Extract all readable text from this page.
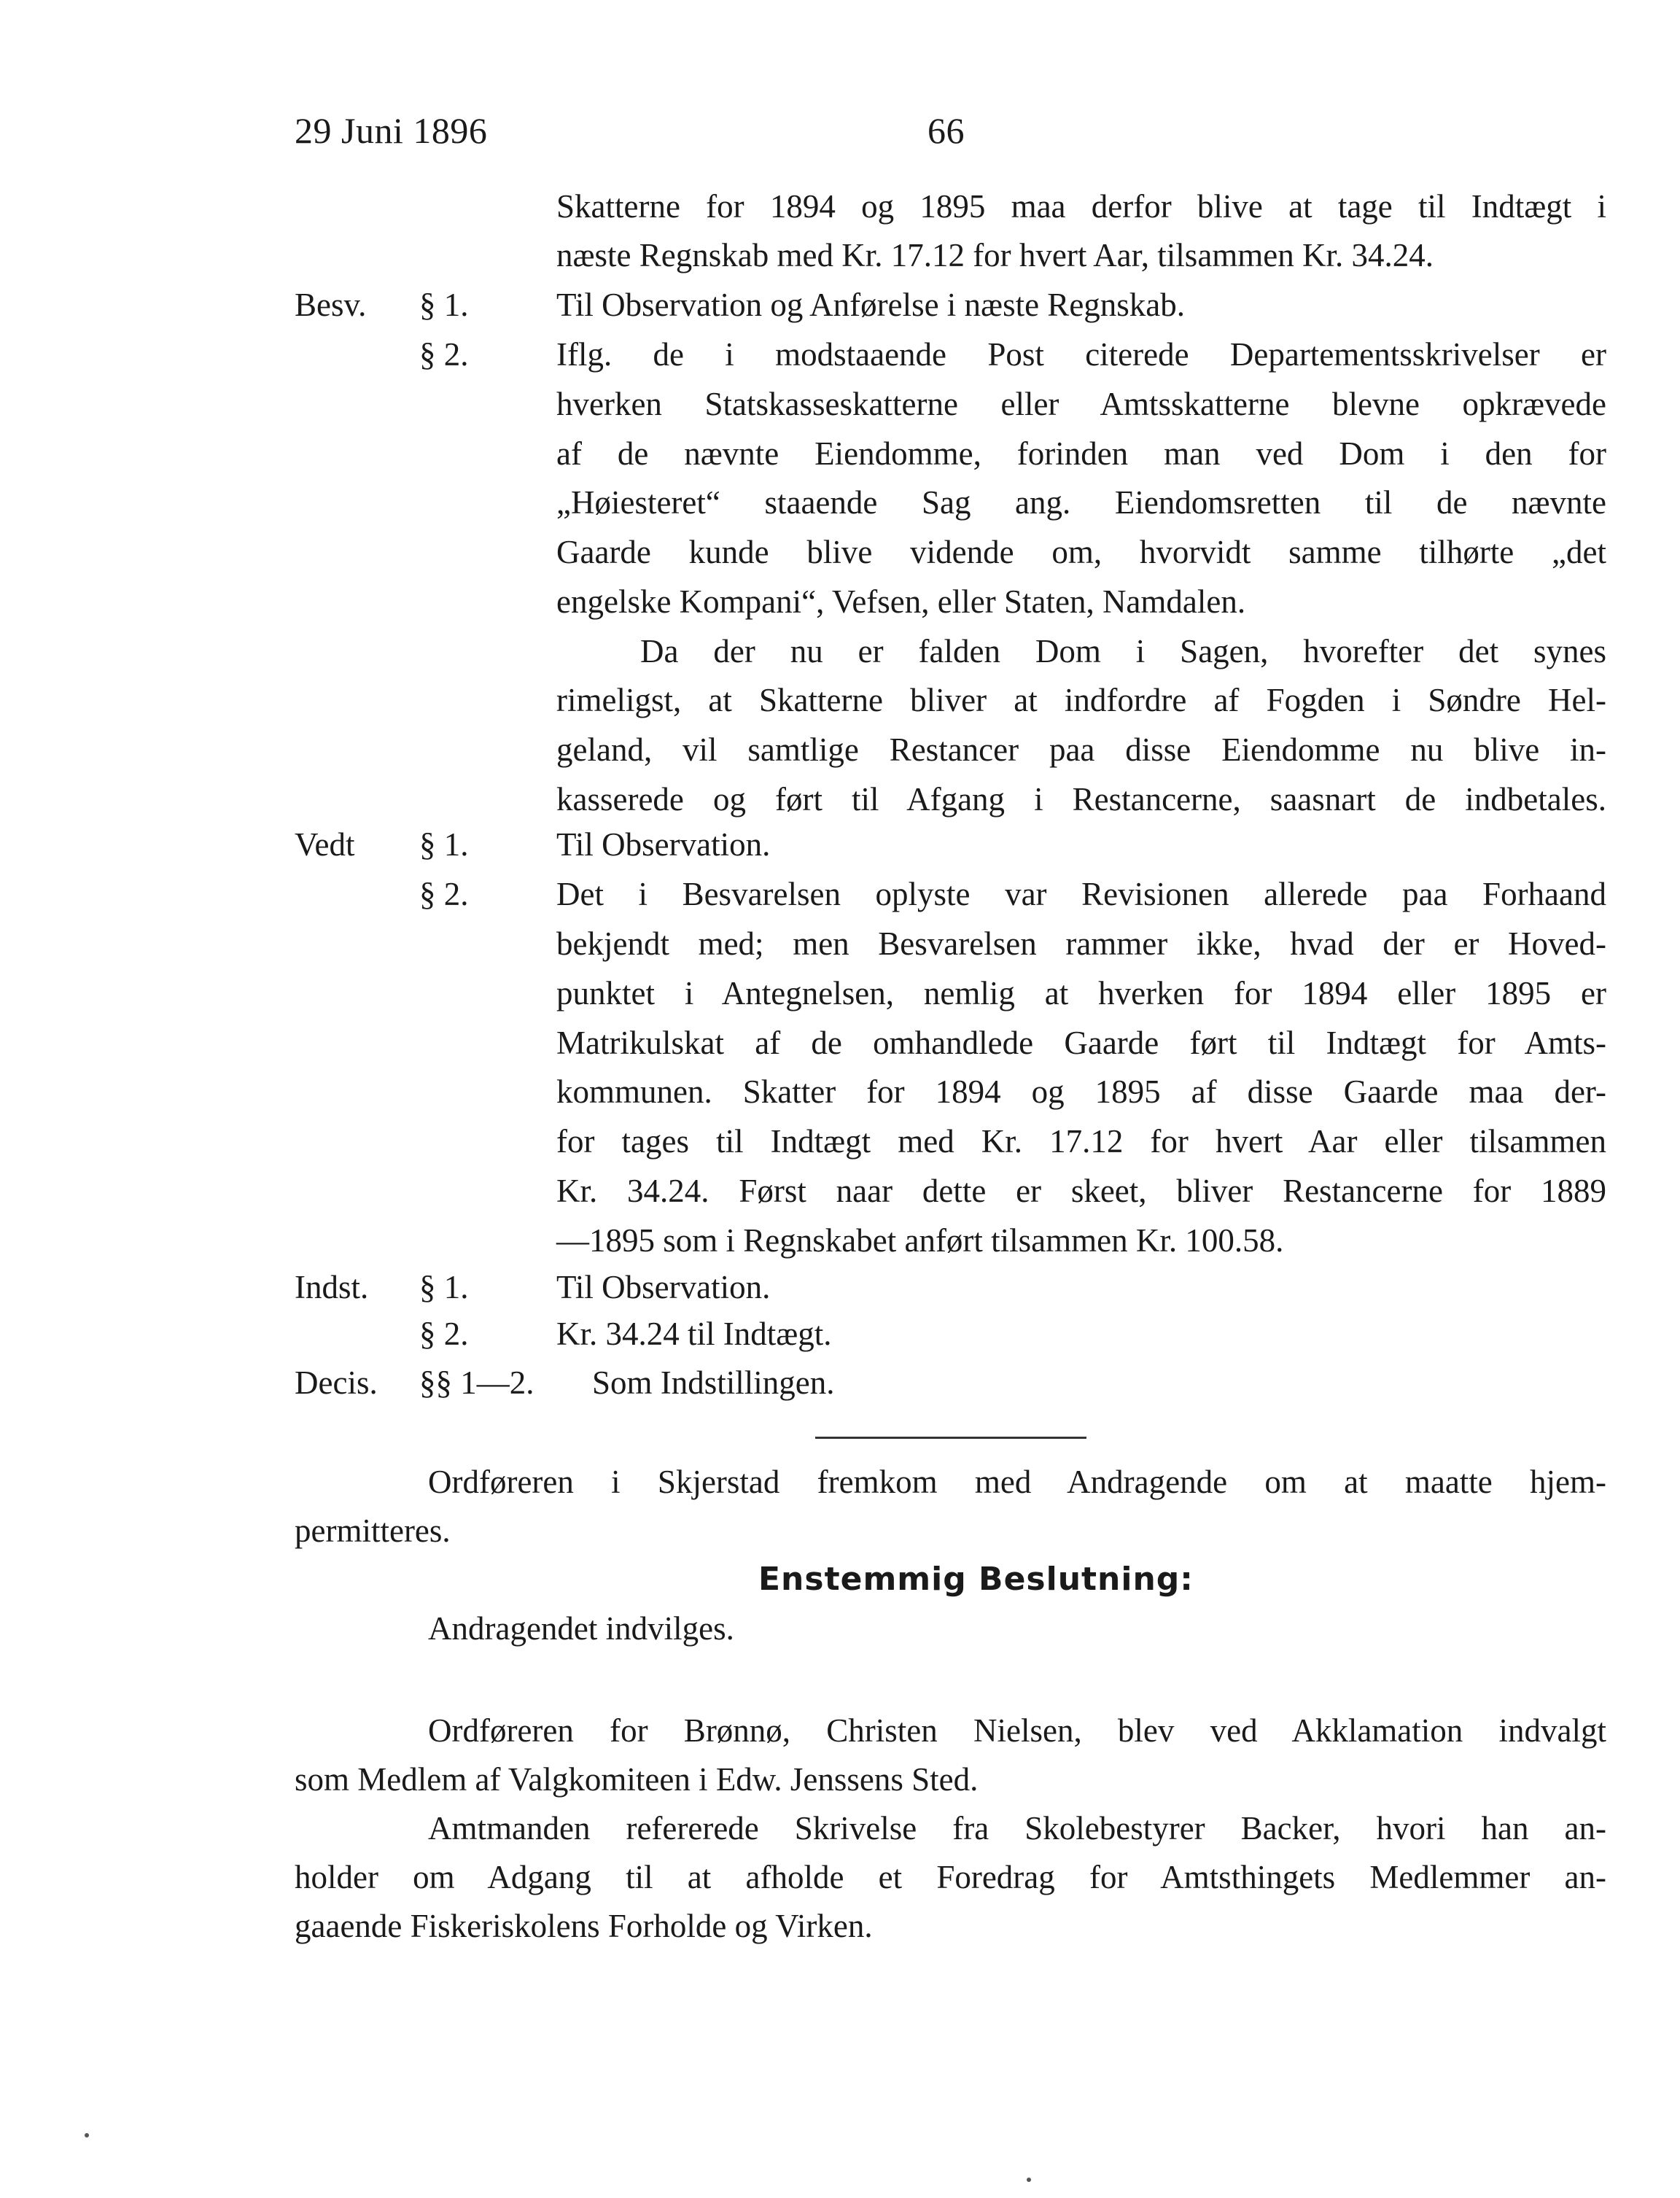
29 Juni 1896	66
Skatterne for 1894 og 1895 maa derfor blive at tage til Indtægt i
næste Regnskab med Kr. 17.12 for hvert Aar, tilsammen Kr. 34.24.
Til Observation og Anførelse i næste Regnskab.
Iflg. de i modstaaende Post citerede Departementsskrivelser er
hverken Statskasseskatterne eller Amtsskatterne blevne opkrævede
af de nævnte Eiendomme, forinden man ved Dom i den for
„Høiesteret“ staaende Sag ang. Eiendomsretten til de nævnte
Gaarde kunde blive vidende om, hvorvidt samme tilhørte „det
engelske Kompani“, Vefsen, eller Staten, Namdalen.
Da der nu er falden Dom i Sagen, hvorefter det synes
rimeligst, at Skatterne bliver at indfordre af Fogden i Søndre Hel-
geland, vil samtlige Restancer paa disse Eiendomme nu blive in-
kasserede og ført til Afgang i Restancerne, saasnart de indbetales.
Til Observation.
Det i Besvarelsen oplyste var Revisionen allerede paa Forhaand
bekjendt med; men Besvarelsen rammer ikke, hvad der er Hoved-
punktet i Antegnelsen, nemlig at hverken for 1894 eller 1895 er
Matrikulskat af de omhandlede Gaarde ført til Indtægt for Amts-
kommunen. Skatter for 1894 og 1895 af disse Gaarde maa der-
for tages til Indtægt med Kr. 17.12 for hvert Aar eller tilsammen
Kr. 34.24. Først naar dette er skeet, bliver Restancerne for 1889
—1895 som i Regnskabet anført tilsammen Kr. 100.58.
Til Observation.
Kr. 34.24 til Indtægt.
Som Indstillingen.
Besv. § 1.
§ 2.
Vedt § 1.
§ 2.
Indst. § 1.
§ 2.
Decis. §§ 1—2.
Ordføreren i Skjerstad fremkom med Andragende om at maatte hjem-
permitteres.
Enstemmig Beslutning:
Andragendet indvilges.
Ordføreren for Brønnø, Christen Nielsen, blev ved Akklamation indvalgt
som Medlem af Valgkomiteen i Edw. Jenssens Sted.
Amtmanden refererede Skrivelse fra Skolebestyrer Backer, hvori han an-
holder om Adgang til at afholde et Foredrag for Amtsthingets Medlemmer an-
gaaende Fiskeriskolens Forholde og Virken.
